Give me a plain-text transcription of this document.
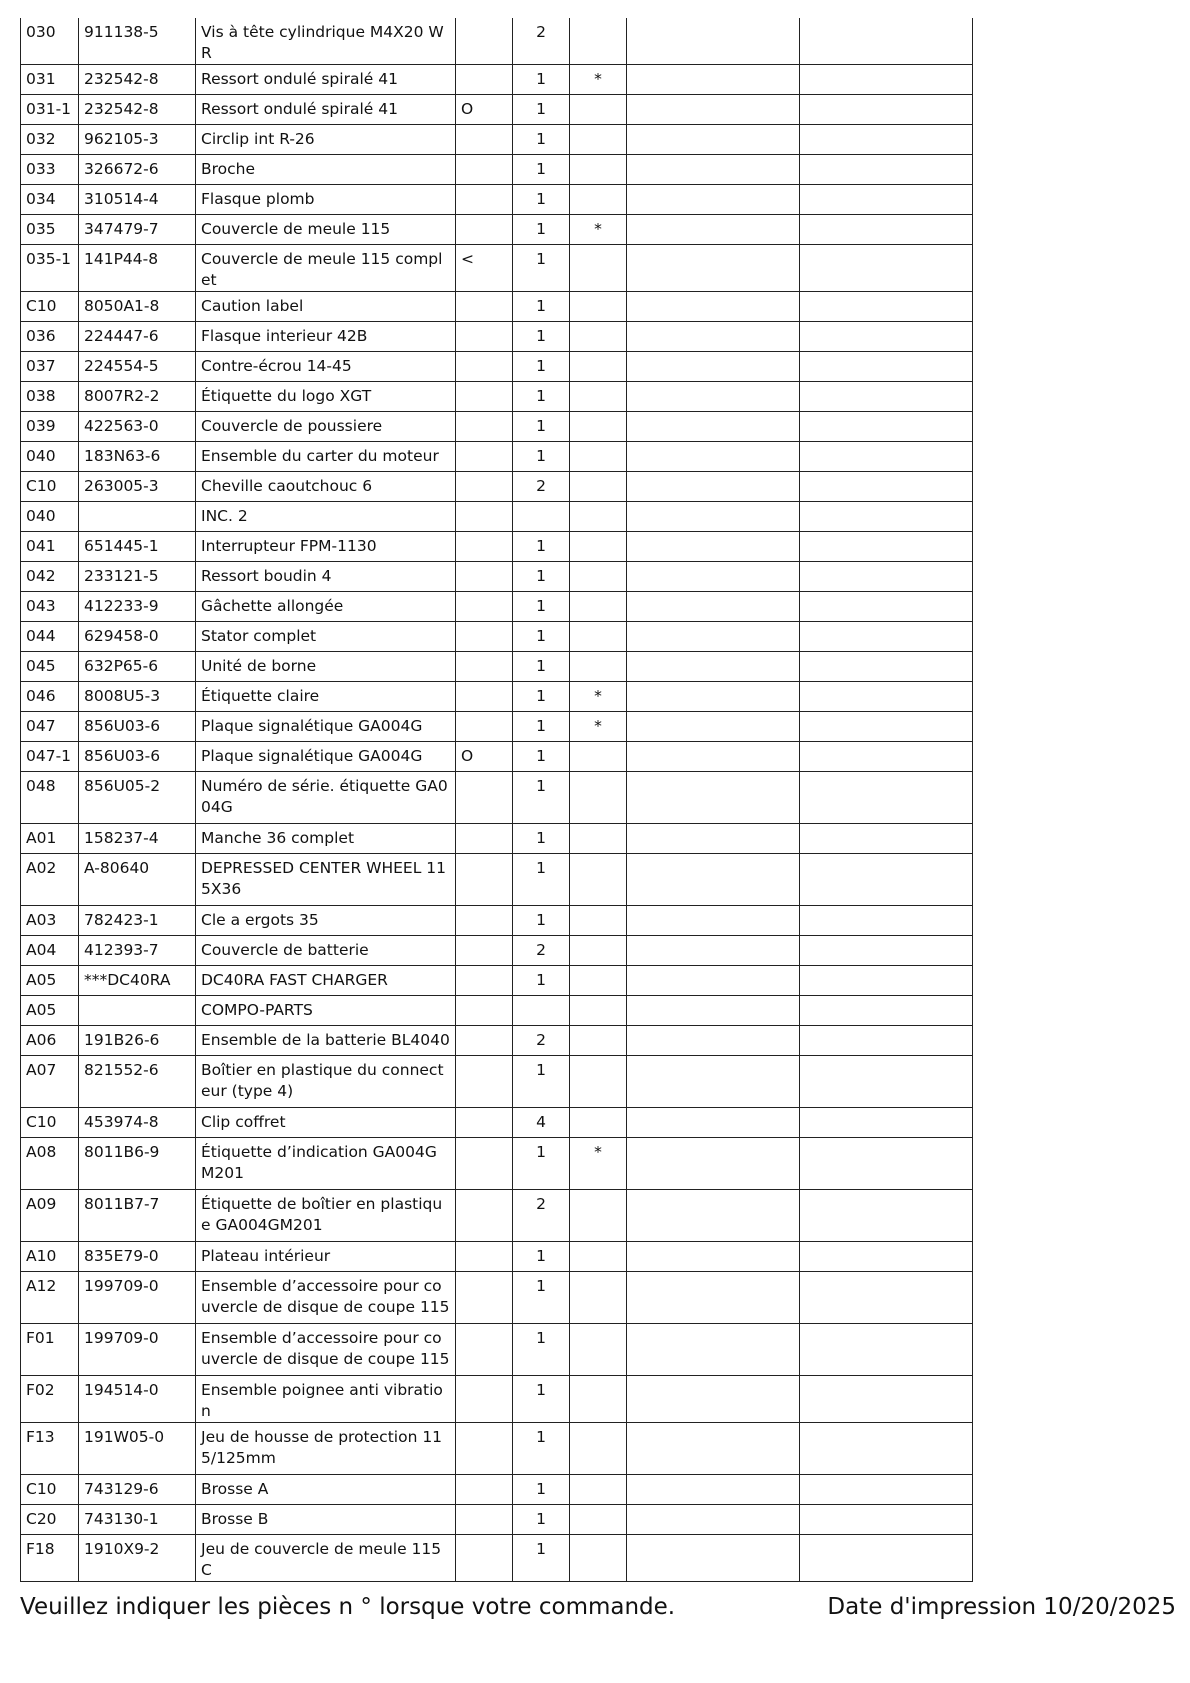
030	911138-5	Vis à tête cylindrique M4X20 WR		2			
031	232542-8	Ressort ondulé spiralé 41		1	*		
031-1	232542-8	Ressort ondulé spiralé 41	O	1			
032	962105-3	Circlip int R-26		1			
033	326672-6	Broche		1			
034	310514-4	Flasque plomb		1			
035	347479-7	Couvercle de meule 115		1	*		
035-1	141P44-8	Couvercle de meule 115 complet	<	1			
C10	8050A1-8	Caution label		1			
036	224447-6	Flasque interieur 42B		1			
037	224554-5	Contre-écrou 14-45		1			
038	8007R2-2	Étiquette du logo XGT		1			
039	422563-0	Couvercle de poussiere		1			
040	183N63-6	Ensemble du carter du moteur		1			
C10	263005-3	Cheville caoutchouc 6		2			
040		INC. 2					
041	651445-1	Interrupteur FPM-1130		1			
042	233121-5	Ressort boudin 4		1			
043	412233-9	Gâchette allongée		1			
044	629458-0	Stator complet		1			
045	632P65-6	Unité de borne		1			
046	8008U5-3	Étiquette claire		1	*		
047	856U03-6	Plaque signalétique GA004G		1	*		
047-1	856U03-6	Plaque signalétique GA004G	O	1			
048	856U05-2	Numéro de série. étiquette GA004G		1			
A01	158237-4	Manche 36 complet		1			
A02	A-80640	DEPRESSED CENTER WHEEL 115X36		1			
A03	782423-1	Cle a ergots 35		1			
A04	412393-7	Couvercle de batterie		2			
A05	***DC40RA	DC40RA FAST CHARGER		1			
A05		COMPO-PARTS					
A06	191B26-6	Ensemble de la batterie BL4040		2			
A07	821552-6	Boîtier en plastique du connecteur (type 4)		1			
C10	453974-8	Clip coffret		4			
A08	8011B6-9	Étiquette d’indication GA004GM201		1	*		
A09	8011B7-7	Étiquette de boîtier en plastique GA004GM201		2			
A10	835E79-0	Plateau intérieur		1			
A12	199709-0	Ensemble d’accessoire pour couvercle de disque de coupe 115		1			
F01	199709-0	Ensemble d’accessoire pour couvercle de disque de coupe 115		1			
F02	194514-0	Ensemble poignee anti vibration		1			
F13	191W05-0	Jeu de housse de protection 115/125mm		1			
C10	743129-6	Brosse A		1			
C20	743130-1	Brosse B		1			
F18	1910X9-2	Jeu de couvercle de meule 115C		1			
Veuillez indiquer les pièces n ° lorsque votre commande.	Date d'impression 10/20/2025
